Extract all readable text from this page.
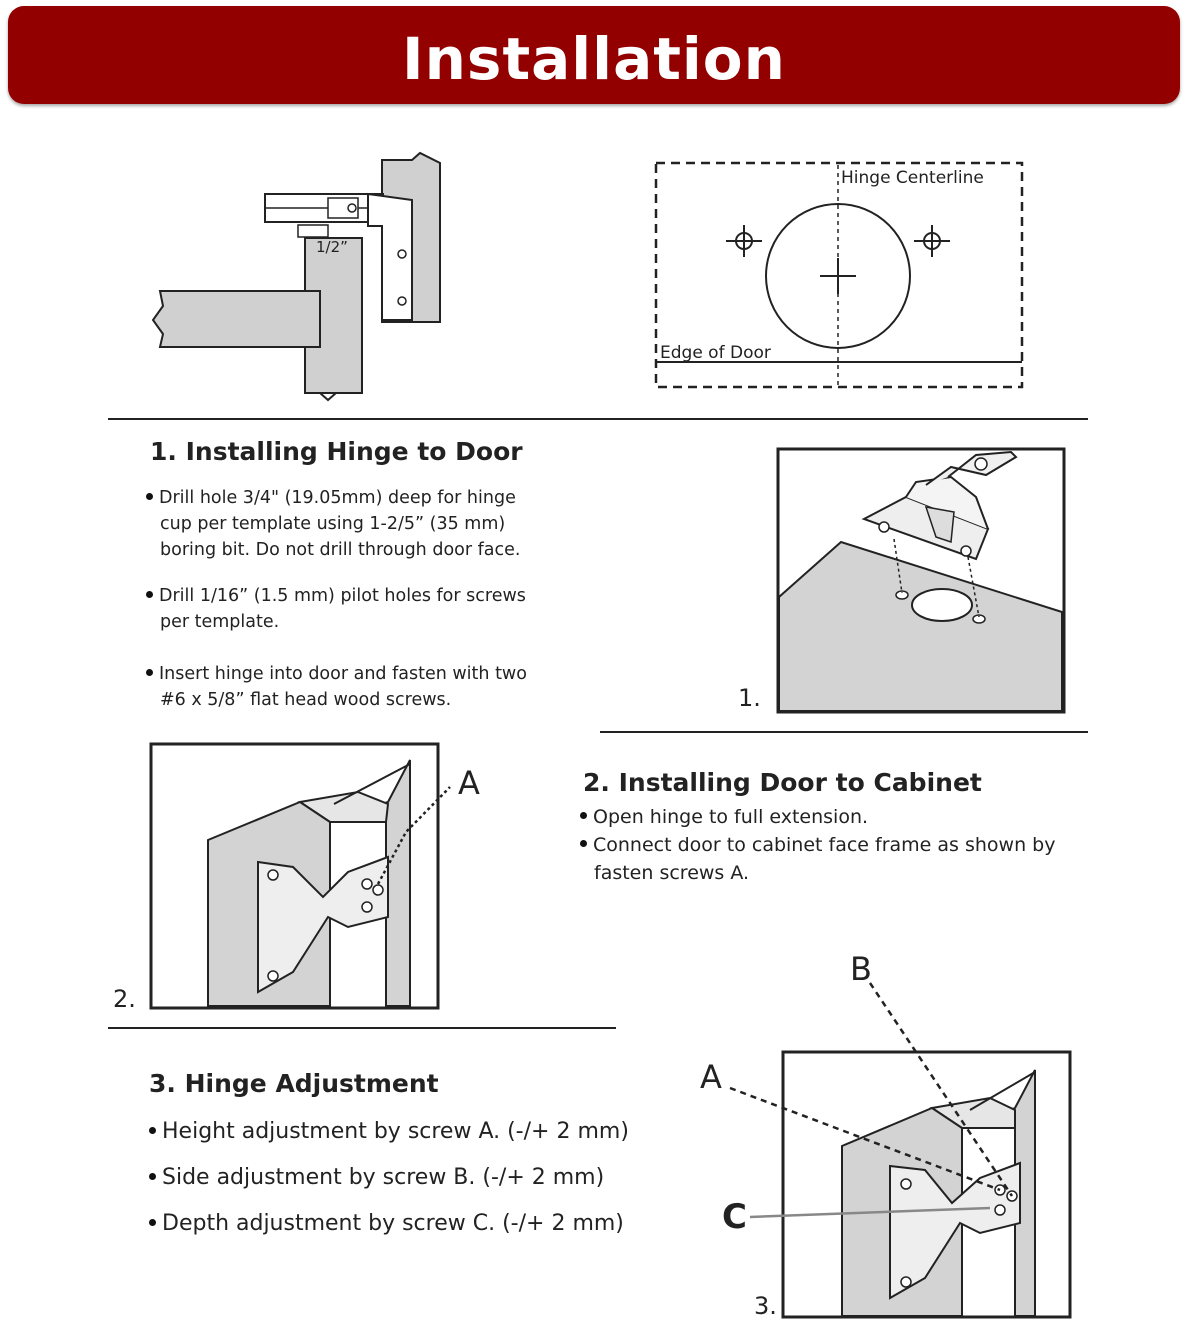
Installation
1/2”
Hinge Centerline
Edge of Door
1. Installing Hinge to Door
Drill hole 3/4" (19.05mm) deep for hinge
cup per template using 1-2/5” (35 mm)
boring bit. Do not drill through door face.
Drill 1/16” (1.5 mm) pilot holes for screws
per template.
Insert hinge into door and fasten with two
#6 x 5/8” flat head wood screws.	1.
A
2.
2. Installing Door to Cabinet
Open hinge to full extension.
Connect door to cabinet face frame as shown by
fasten screws A.
3. Hinge Adjustment
Height adjustment by screw A. (-/+ 2 mm)
Side adjustment by screw B. (-/+ 2 mm)
Depth adjustment by screw C. (-/+ 2 mm)
A
B
C
3.
